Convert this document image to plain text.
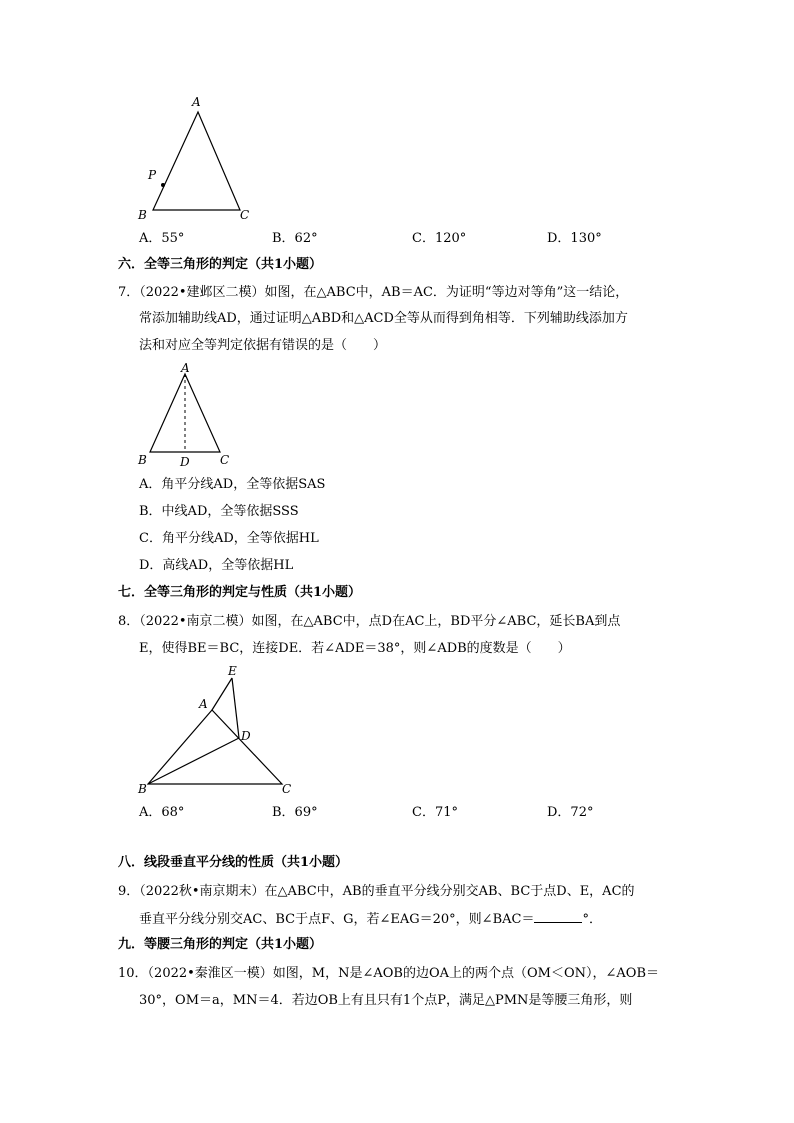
A
B	C
P
A．55°	B．62°	C．120°	D．130°
六．全等三角形的判定（共1小题）
7．（2022•建邺区二模）如图，在△ABC中，AB＝AC．为证明“等边对等角”这一结论，
常添加辅助线AD，通过证明△ABD和△ACD全等从而得到角相等．下列辅助线添加方
法和对应全等判定依据有错误的是（　　）
A
B	D	C
A．角平分线AD，全等依据SAS
B．中线AD，全等依据SSS
C．角平分线AD，全等依据HL
D．高线AD，全等依据HL
七．全等三角形的判定与性质（共1小题）
8．（2022•南京二模）如图，在△ABC中，点D在AC上，BD平分∠ABC，延长BA到点
E，使得BE＝BC，连接DE．若∠ADE＝38°，则∠ADB的度数是（　　）
E
A
D
B	C
A．68°	B．69°	C．71°	D．72°
八．线段垂直平分线的性质（共1小题）
9．（2022秋•南京期末）在△ABC中，AB的垂直平分线分别交AB、BC于点D、E，AC的
垂直平分线分别交AC、BC于点F、G，若∠EAG＝20°，则∠BAC＝	°．
九．等腰三角形的判定（共1小题）
10．（2022•秦淮区一模）如图，M，N是∠AOB的边OA上的两个点（OM＜ON），∠AOB＝
30°，OM＝a，MN＝4．若边OB上有且只有1个点P，满足△PMN是等腰三角形，则
